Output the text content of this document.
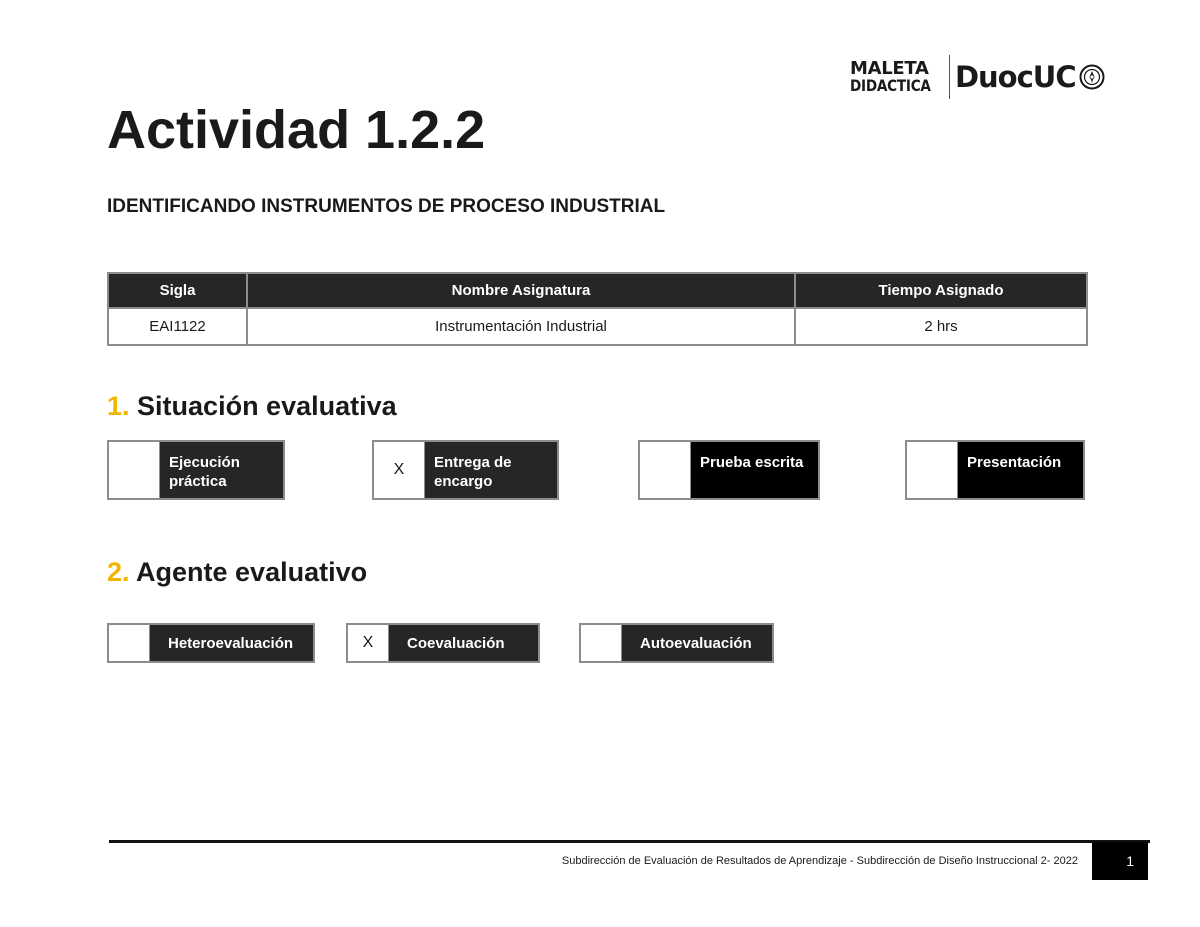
MALETA
DIDACTICA DuocUC
Actividad 1.2.2
IDENTIFICANDO INSTRUMENTOS DE PROCESO INDUSTRIAL
Sigla	Nombre Asignatura	Tiempo Asignado
EAI1122	Instrumentación Industrial	2 hrs
1. Situación evaluativa
Ejecución práctica
X	Entrega de encargo
Prueba escrita	Presentación
2. Agente evaluativo
Heteroevaluación	X	Coevaluación	Autoevaluación
Subdirección de Evaluación de Resultados de Aprendizaje - Subdirección de Diseño Instruccional 2- 2022	1
